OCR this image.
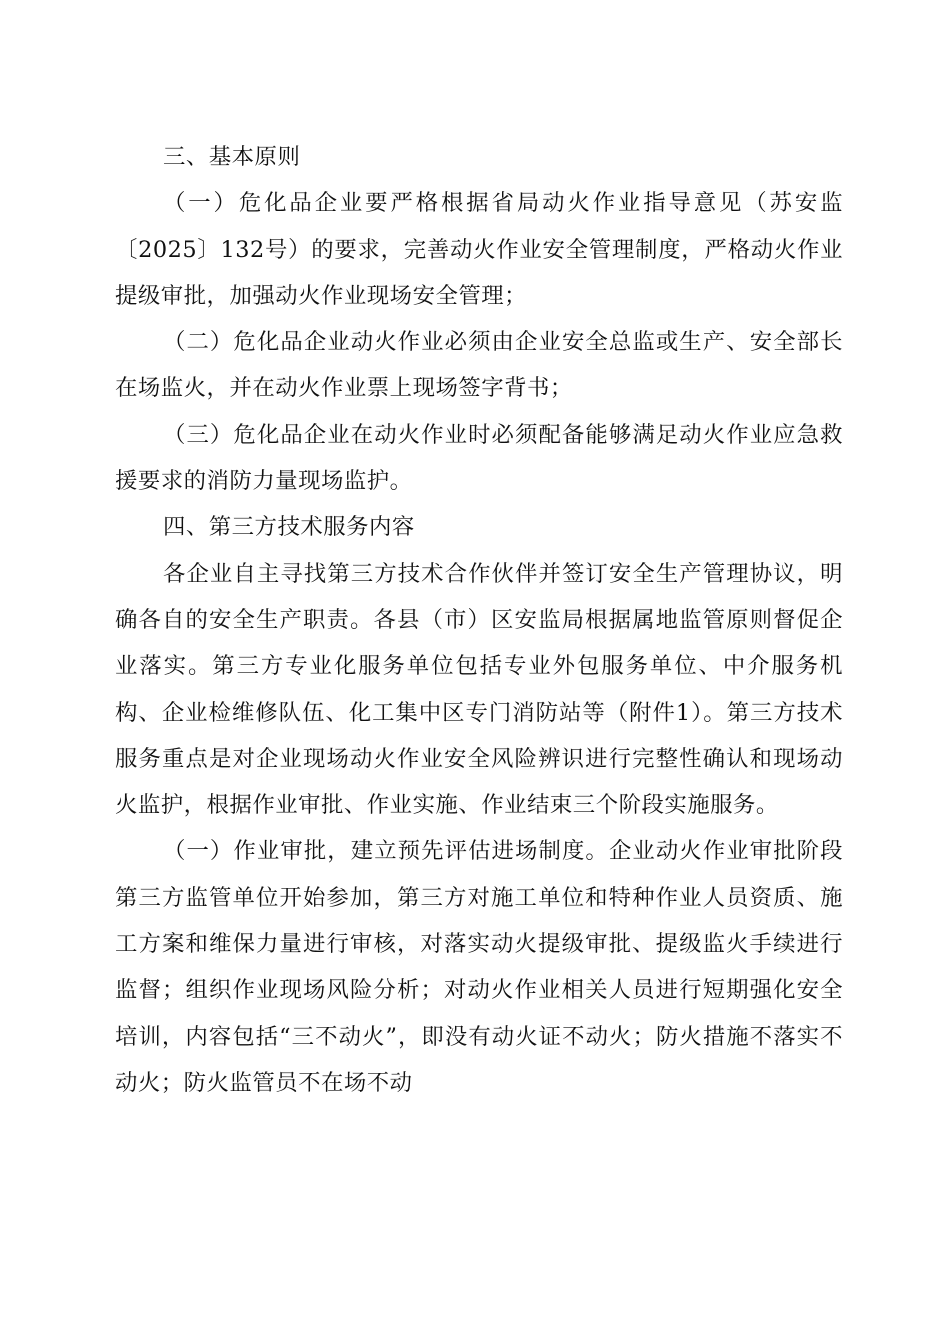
三、基本原则

（一）危化品企业要严格根据省局动火作业指导意见（苏安监〔2025〕132号）的要求，完善动火作业安全管理制度，严格动火作业提级审批，加强动火作业现场安全管理；

（二）危化品企业动火作业必须由企业安全总监或生产、安全部长在场监火，并在动火作业票上现场签字背书；

（三）危化品企业在动火作业时必须配备能够满足动火作业应急救援要求的消防力量现场监护。

四、第三方技术服务内容

各企业自主寻找第三方技术合作伙伴并签订安全生产管理协议，明确各自的安全生产职责。各县（市）区安监局根据属地监管原则督促企业落实。第三方专业化服务单位包括专业外包服务单位、中介服务机构、企业检维修队伍、化工集中区专门消防站等（附件1）。第三方技术服务重点是对企业现场动火作业安全风险辨识进行完整性确认和现场动火监护，根据作业审批、作业实施、作业结束三个阶段实施服务。

（一）作业审批，建立预先评估进场制度。企业动火作业审批阶段第三方监管单位开始参加，第三方对施工单位和特种作业人员资质、施工方案和维保力量进行审核，对落实动火提级审批、提级监火手续进行监督；组织作业现场风险分析；对动火作业相关人员进行短期强化安全培训，内容包括“三不动火”，即没有动火证不动火；防火措施不落实不动火；防火监管员不在场不动
